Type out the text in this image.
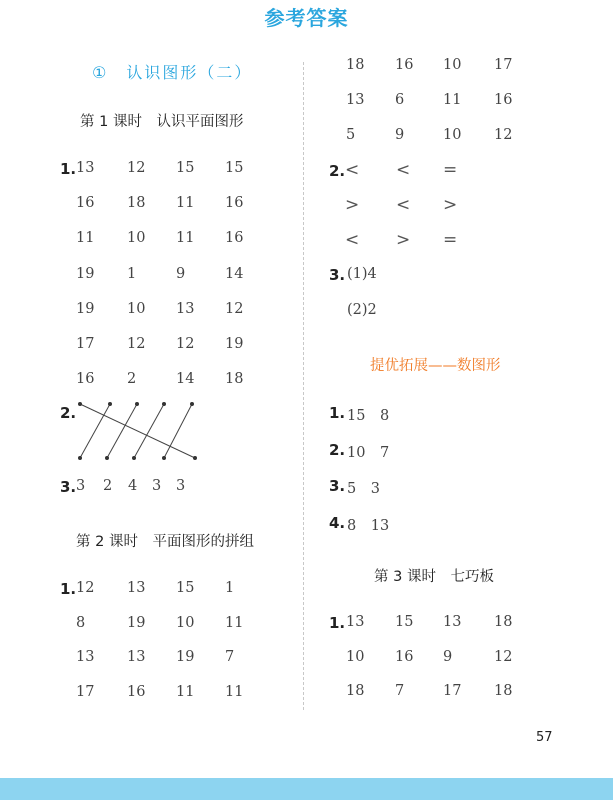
参考答案
①　认识图形（二）
第 1 课时　认识平面图形
1. 13 12 15 15
16 18 11 16
11 10 11 16
19 1	9	14
19 10 13 12
17 12 12 19
16 2	14 18
2.
3. 3 2 4 3 3
第 2 课时　平面图形的拼组
1. 12 13 15 1
8	19 10 11
13 13 19 7
17 16 11 11
18 16 10 17
13 6	11 16
5	9	10 12
2. < < =
> < >
< > =
3. (1)4
(2)2
提优拓展——数图形
1. 15　8
2. 10　7
3. 5　3
4. 8　13
第 3 课时　七巧板
1. 13 15 13 18
10 16 9	12
18 7	17 18
57
